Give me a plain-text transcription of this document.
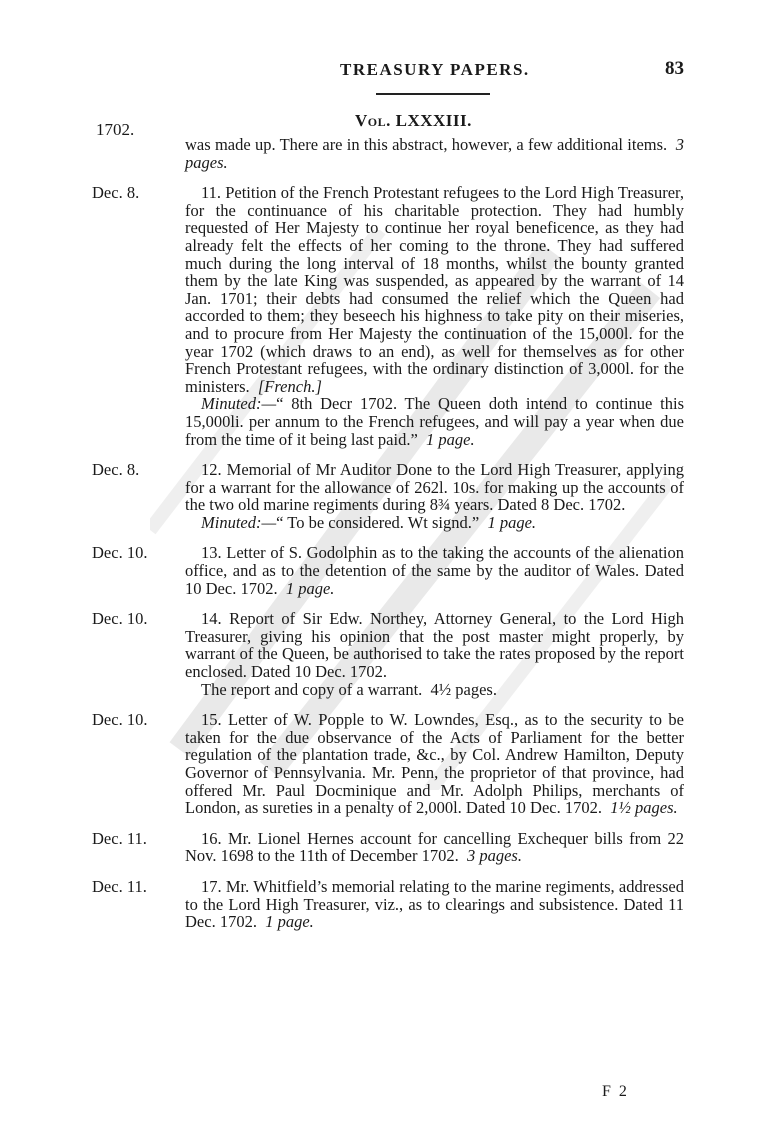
TREASURY PAPERS.	83
1702.	Vol. LXXXIII.

was made up. There are in this abstract, however, a few additional items. 3 pages.

Dec. 8.	11. Petition of the French Protestant refugees to the Lord High Treasurer, for the continuance of his charitable protection. They had humbly requested of Her Majesty to continue her royal beneficence, as they had already felt the effects of her coming to the throne. They had suffered much during the long interval of 18 months, whilst the bounty granted them by the late King was suspended, as appeared by the warrant of 14 Jan. 1701; their debts had consumed the relief which the Queen had accorded to them; they beseech his highness to take pity on their miseries, and to procure from Her Majesty the continuation of the 15,000l. for the year 1702 (which draws to an end), as well for themselves as for other French Protestant refugees, with the ordinary distinction of 3,000l. for the ministers. [French.]

Minuted:—“ 8th Decr 1702. The Queen doth intend to continue this 15,000li. per annum to the French refugees, and will pay a year when due from the time of it being last paid.” 1 page.

Dec. 8.	12. Memorial of Mr Auditor Done to the Lord High Treasurer, applying for a warrant for the allowance of 262l. 10s. for making up the accounts of the two old marine regiments during 8¾ years. Dated 8 Dec. 1702.

Minuted:—“ To be considered. Wt signd.” 1 page.

Dec. 10.	13. Letter of S. Godolphin as to the taking the accounts of the alienation office, and as to the detention of the same by the auditor of Wales. Dated 10 Dec. 1702. 1 page.

Dec. 10.	14. Report of Sir Edw. Northey, Attorney General, to the Lord High Treasurer, giving his opinion that the post master might properly, by warrant of the Queen, be authorised to take the rates proposed by the report enclosed. Dated 10 Dec. 1702.

The report and copy of a warrant. 4½ pages.

Dec. 10.	15. Letter of W. Popple to W. Lowndes, Esq., as to the security to be taken for the due observance of the Acts of Parliament for the better regulation of the plantation trade, &c., by Col. Andrew Hamilton, Deputy Governor of Pennsylvania. Mr. Penn, the proprietor of that province, had offered Mr. Paul Docminique and Mr. Adolph Philips, merchants of London, as sureties in a penalty of 2,000l. Dated 10 Dec. 1702. 1½ pages.

Dec. 11.	16. Mr. Lionel Hernes account for cancelling Exchequer bills from 22 Nov. 1698 to the 11th of December 1702. 3 pages.

Dec. 11.	17. Mr. Whitfield’s memorial relating to the marine regiments, addressed to the Lord High Treasurer, viz., as to clearings and subsistence. Dated 11 Dec. 1702. 1 page.

F 2
